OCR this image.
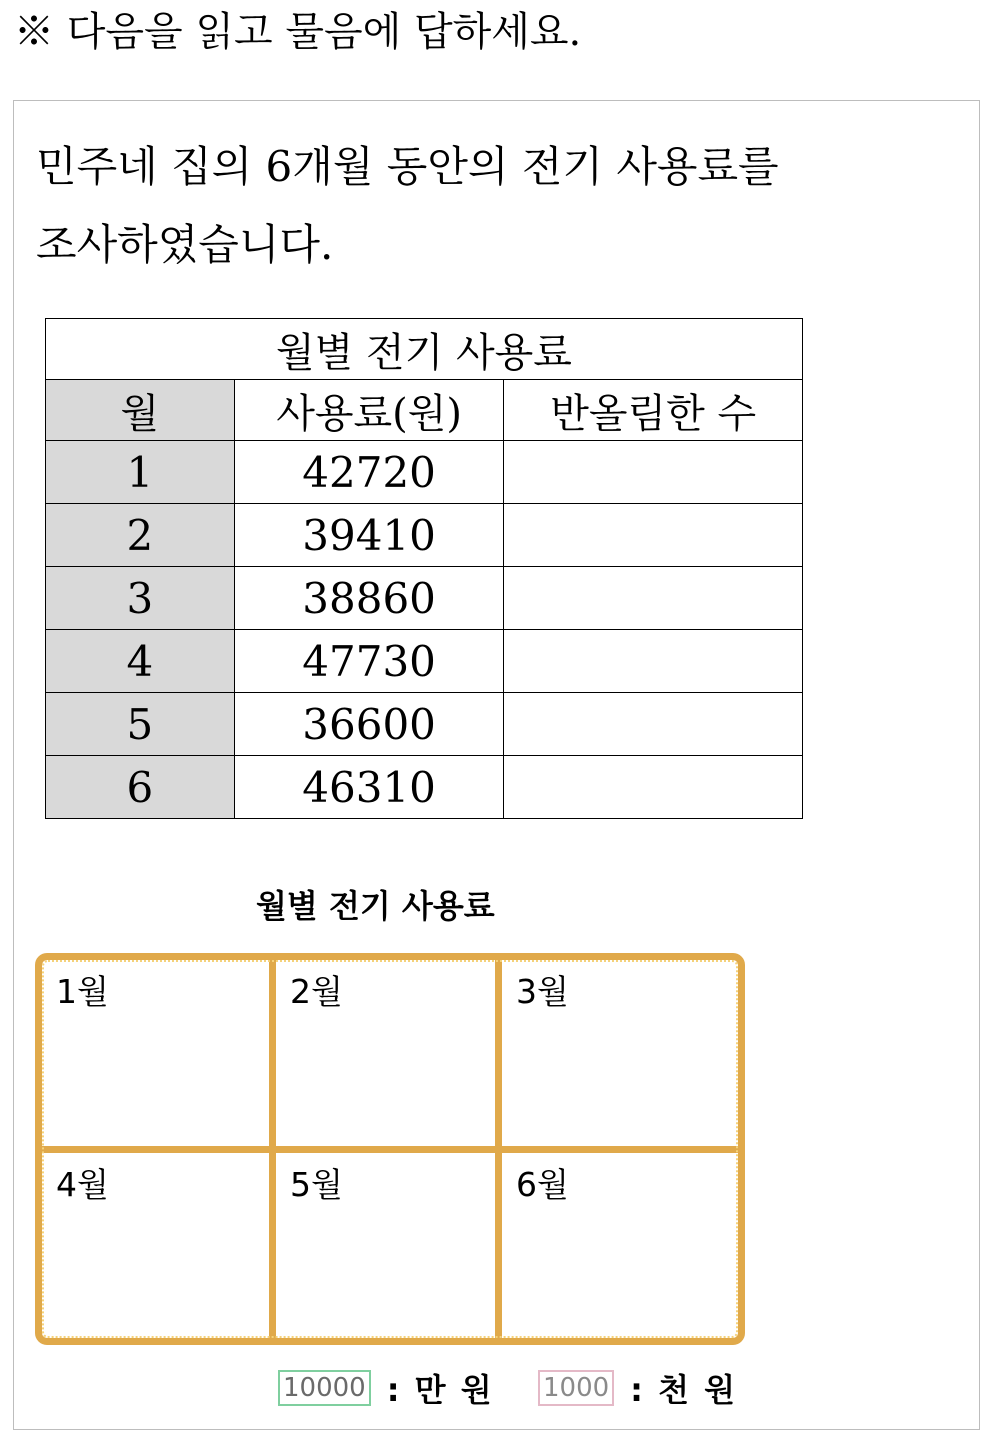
※ 다음을 읽고 물음에 답하세요.
민주네 집의 6개월 동안의 전기 사용료를
조사하였습니다.
월별 전기 사용료		
월	사용료(원)	반올림한 수
1	42720	
2	39410	
3	38860	
4	47730	
5	36600	
6	46310	
월별 전기 사용료
1월	2월	3월
4월	5월	6월
10000 : 만 원 1000 : 천 원
